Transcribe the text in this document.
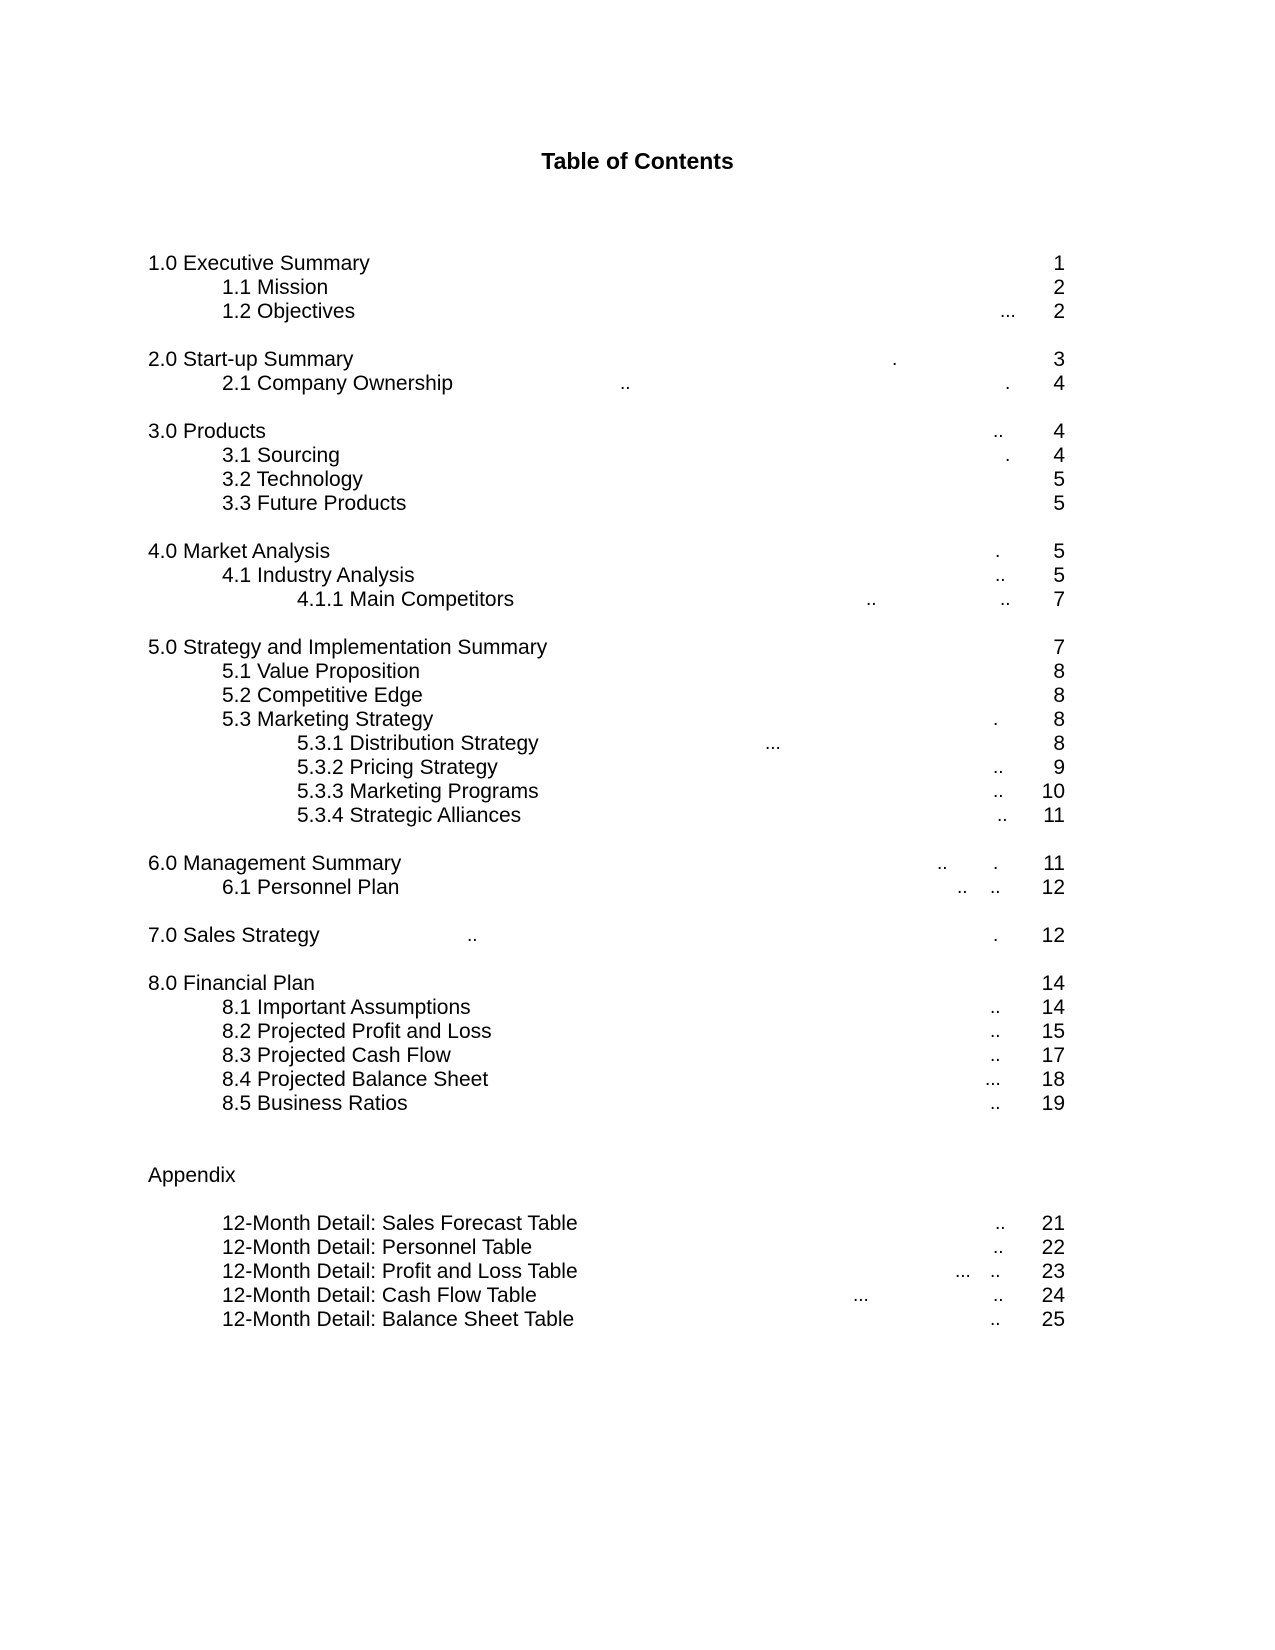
Table of Contents
1.0 Executive Summary	1
1.1 Mission	2
1.2 Objectives	... 2
2.0 Start-up Summary	.	3
2.1 Company Ownership	..	. 4
3.0 Products	.. 4
3.1 Sourcing	. 4
3.2 Technology	5
3.3 Future Products	5
4.0 Market Analysis	.	5
4.1 Industry Analysis	.. 5
4.1.1 Main Competitors	..	.. 7
5.0 Strategy and Implementation Summary	7
5.1 Value Proposition	8
5.2 Competitive Edge	8
5.3 Marketing Strategy	.	8
5.3.1 Distribution Strategy	...	8
5.3.2 Pricing Strategy	.. 9
5.3.3 Marketing Programs	.. 10
5.3.4 Strategic Alliances	.. 11
6.0 Management Summary	.. . 11
6.1 Personnel Plan	.. .. 12
7.0 Sales Strategy	..	. 12
8.0 Financial Plan	14
8.1 Important Assumptions	.. 14
8.2 Projected Profit and Loss	.. 15
8.3 Projected Cash Flow	.. 17
8.4 Projected Balance Sheet	... 18
8.5 Business Ratios	.. 19
Appendix
12-Month Detail: Sales Forecast Table	.. 21
12-Month Detail: Personnel Table	.. 22
12-Month Detail: Profit and Loss Table	... .. 23
12-Month Detail: Cash Flow Table	...	.. 24
12-Month Detail: Balance Sheet Table	.. 25
